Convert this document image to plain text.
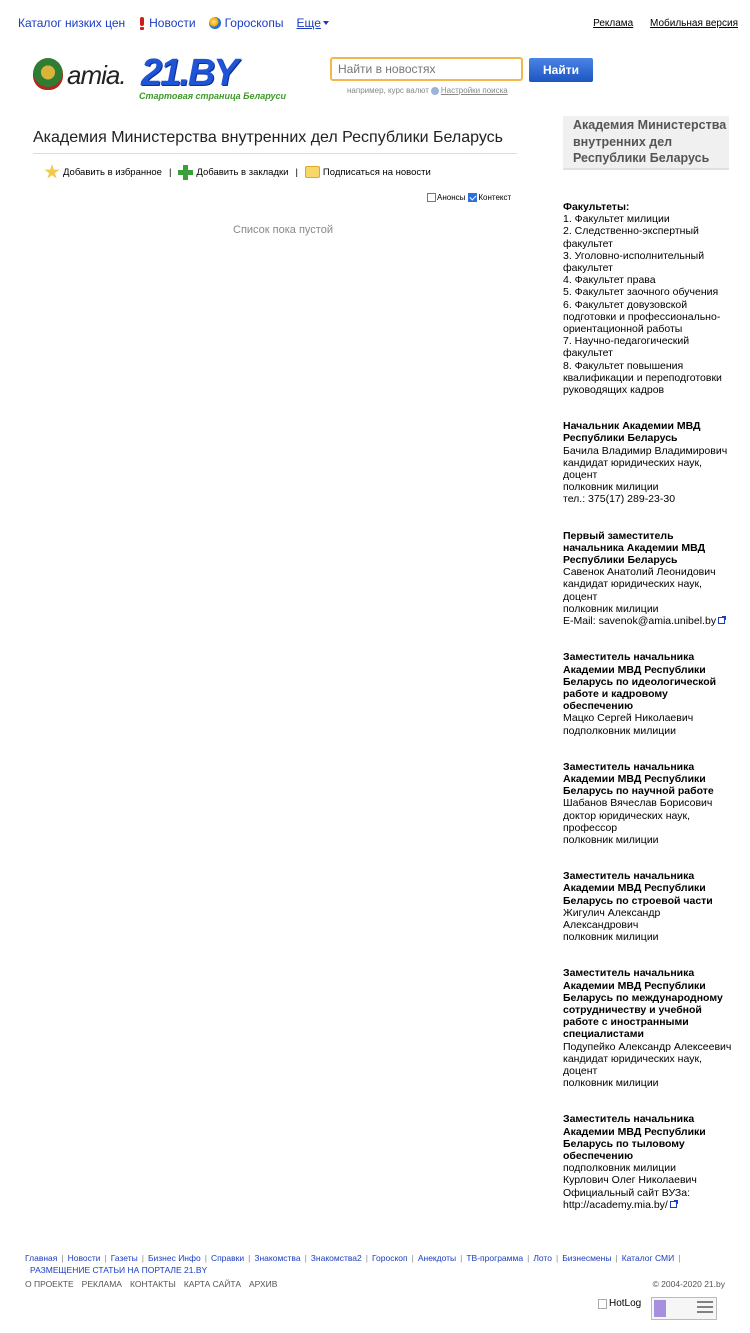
Каталог низких цен Новости Гороскопы Еще	Реклама Мобильная версия
amia. 21.BY
Стартовая страница Беларуси
Найти в новостях	Найти
например, курс валют Настройки поиска
Академия Министерства внутренних дел Республики Беларусь
Добавить в избранное |	Добавить в закладки |	Подписаться на новости
Анонсы Контекст
Список пока пустой
Академия Министерства внутренних дел Республики Беларусь
Факультеты:
1. Факультет милиции
2. Следственно-экспертный факультет
3. Уголовно-исполнительный факультет
4. Факультет права
5. Факультет заочного обучения
6. Факультет довузовской подготовки и профессионально-ориентационной работы
7. Научно-педагогический факультет
8. Факультет повышения квалификации и переподготовки руководящих кадров
Начальник Академии МВД Республики Беларусь
Бачила Владимир Владимирович
кандидат юридических наук, доцент
полковник милиции
тел.: 375(17) 289-23-30
Первый заместитель начальника Академии МВД Республики Беларусь
Савенок Анатолий Леонидович
кандидат юридических наук, доцент
полковник милиции
E-Mail: savenok@amia.unibel.by
Заместитель начальника Академии МВД Республики Беларусь по идеологической работе и кадровому обеспечению
Мацко Сергей Николаевич
подполковник милиции
Заместитель начальника Академии МВД Республики Беларусь по научной работе
Шабанов Вячеслав Борисович
доктор юридических наук, профессор
полковник милиции
Заместитель начальника Академии МВД Республики Беларусь по строевой части
Жигулич Александр Александрович
полковник милиции
Заместитель начальника Академии МВД Республики Беларусь по международному сотрудничеству и учебной работе с иностранными специалистами
Подупейко Александр Алексеевич
кандидат юридических наук, доцент
полковник милиции
Заместитель начальника Академии МВД Республики Беларусь по тыловому обеспечению
подполковник милиции
Курлович Олег Николаевич
Официальный сайт ВУЗа:
http://academy.mia.by/
Главная | Новости | Газеты | Бизнес Инфо | Справки | Знакомства | Знакомства2 | Гороскоп | Анекдоты | ТВ-программа | Лото | Бизнесмены | Каталог СМИ |
РАЗМЕЩЕНИЕ СТАТЬИ НА ПОРТАЛЕ 21.BY
О ПРОЕКТЕ РЕКЛАМА КОНТАКТЫ КАРТА САЙТА АРХИВ	© 2004-2020 21.by
HotLog
